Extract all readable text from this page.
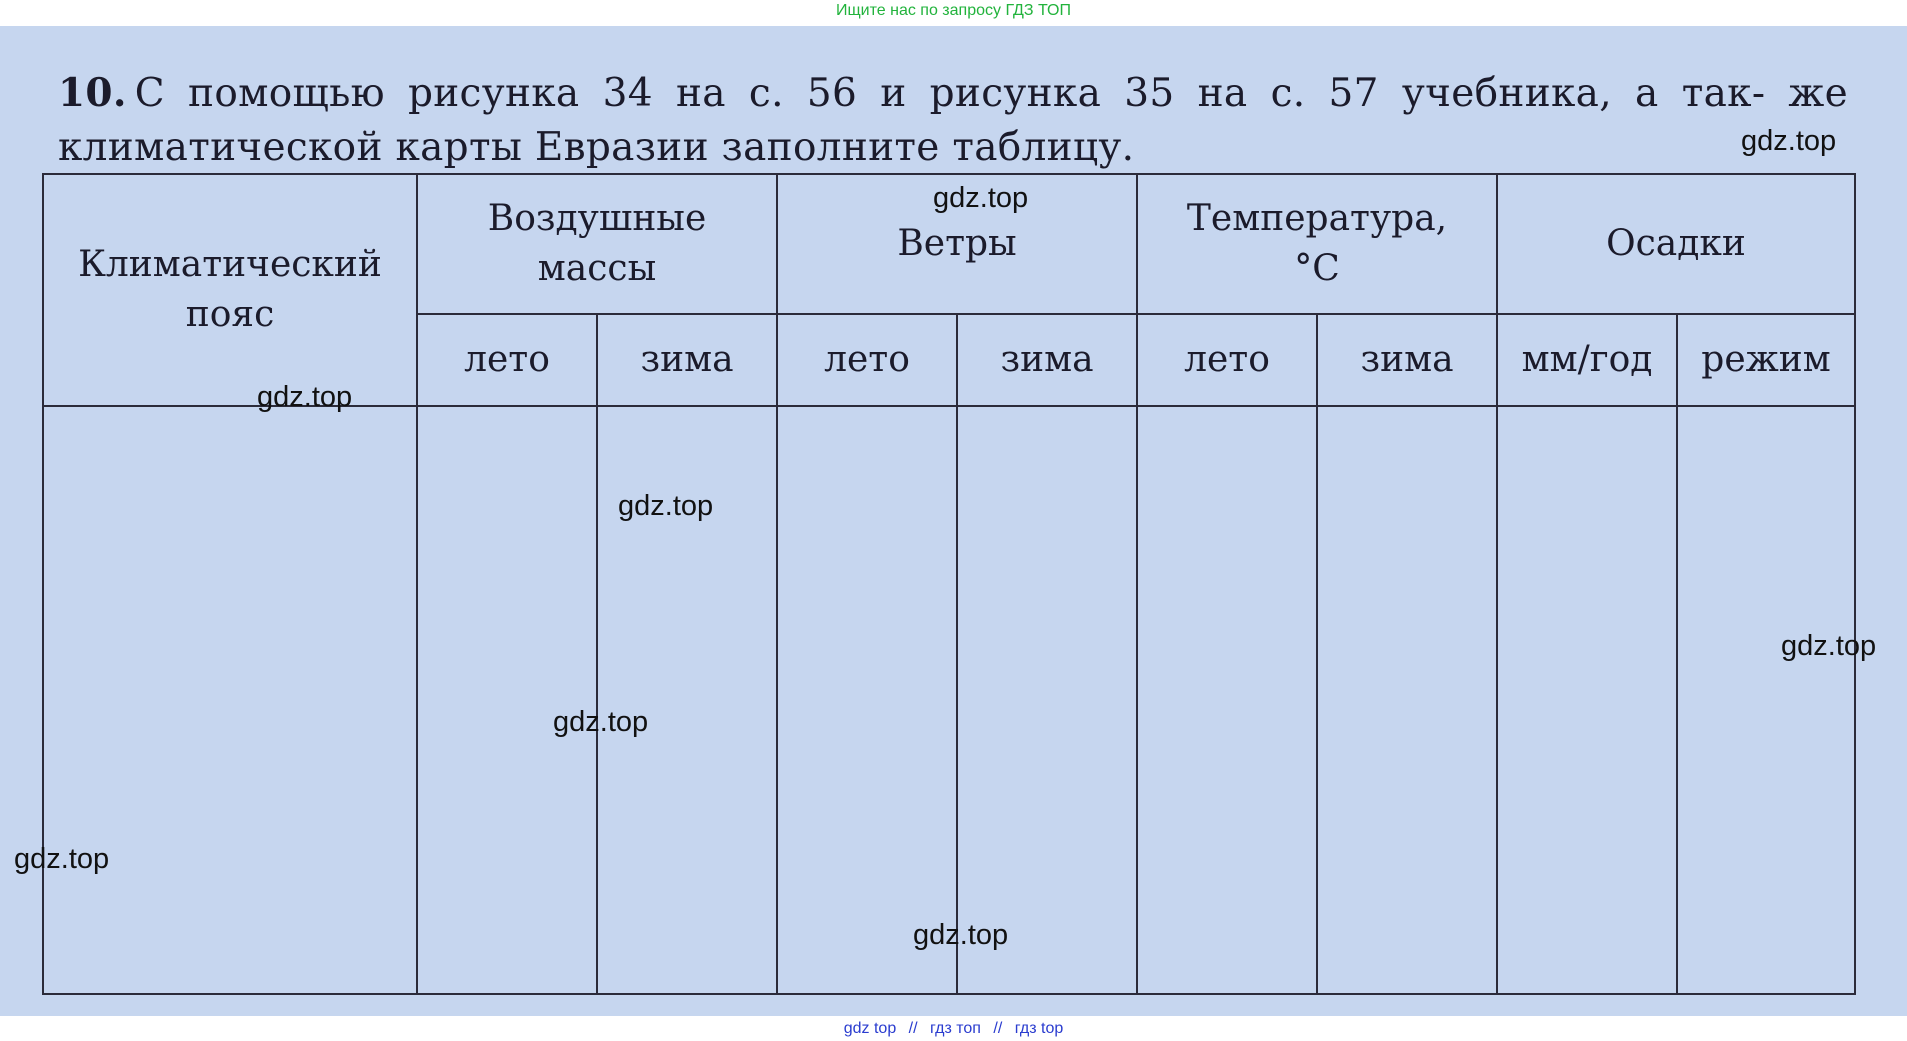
Ищите нас по запросу ГДЗ ТОП
10. С помощью рисунка 34 на с. 56 и рисунка 35 на с. 57 учебника, а так- же климатической карты Евразии заполните таблицу.
Климатический пояс	Воздушные массы		Ветры		Температура, °С		Осадки	
	лето	зима	лето	зима	лето	зима	мм/год	режим

gdz.top
gdz.top
gdz.top
gdz.top
gdz.top
gdz.top
gdz.top
gdz.top
gdz top // гдз топ // гдз top
